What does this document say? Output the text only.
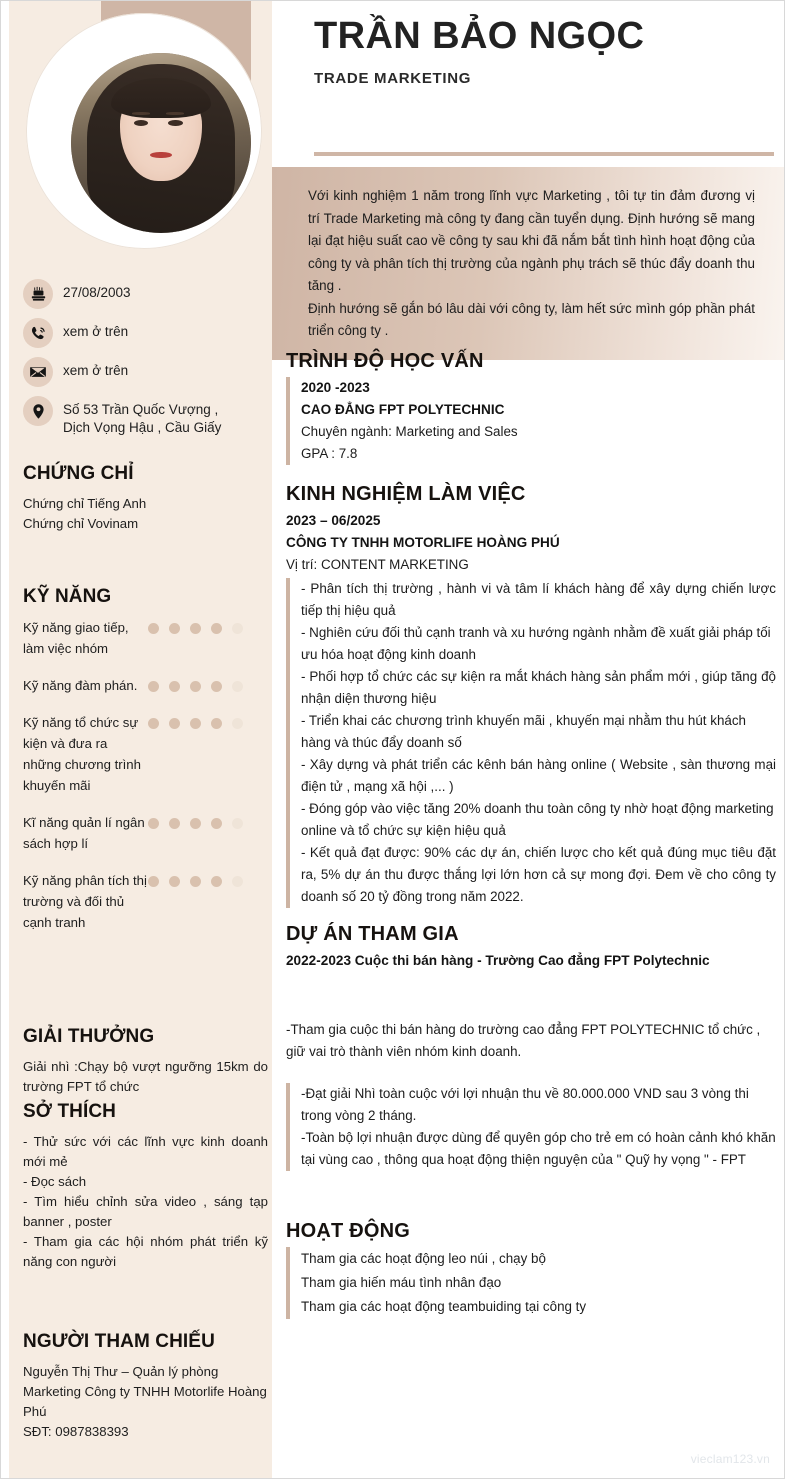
27/08/2003
xem ở trên
xem ở trên
Số 53 Trần Quốc Vượng , Dịch Vọng Hậu , Cầu Giấy
CHỨNG CHỈ
Chứng chỉ Tiếng Anh
Chứng chỉ Vovinam
KỸ NĂNG
Kỹ năng giao tiếp, làm việc nhóm
Kỹ năng đàm phán.
Kỹ năng tổ chức sự kiện và đưa ra những chương trình khuyến mãi
Kĩ năng quản lí ngân sách hợp lí
Kỹ năng phân tích thị trường và đối thủ cạnh tranh
GIẢI THƯỞNG
Giải nhì :Chạy bộ vượt ngưỡng 15km do trường FPT tổ chức
SỞ THÍCH
- Thử sức với các lĩnh vực kinh doanh mới mẻ
- Đọc sách
- Tìm hiểu chỉnh sửa video , sáng tạp banner , poster
- Tham gia các hội nhóm phát triển kỹ năng con người
NGƯỜI THAM CHIẾU
Nguyễn Thị Thư – Quản lý phòng Marketing Công ty TNHH Motorlife Hoàng Phú
SĐT: 0987838393
TRẦN BẢO NGỌC
TRADE MARKETING

Với kinh nghiệm 1 năm trong lĩnh vực Marketing , tôi tự tin đảm đương vị trí Trade Marketing mà công ty đang cần tuyển dụng. Định hướng sẽ mang lại đạt hiệu suất cao về công ty sau khi đã nắm bắt tình hình hoạt động của công ty và phân tích thị trường của ngành phụ trách sẽ thúc đẩy doanh thu tăng .

Định hướng sẽ gắn bó lâu dài với công ty, làm hết sức mình góp phần phát triển công ty .

TRÌNH ĐỘ HỌC VẤN
2020 -2023
CAO ĐẲNG FPT POLYTECHNIC
Chuyên ngành: Marketing and Sales
GPA : 7.8
KINH NGHIỆM LÀM VIỆC
2023 – 06/2025
CÔNG TY TNHH MOTORLIFE HOÀNG PHÚ
Vị trí: CONTENT MARKETING
- Phân tích thị trường , hành vi và tâm lí khách hàng để xây dựng chiến lược tiếp thị hiệu quả
- Nghiên cứu đối thủ cạnh tranh và xu hướng ngành nhằm đề xuất giải pháp tối ưu hóa hoạt động kinh doanh
- Phối hợp tổ chức các sự kiện ra mắt khách hàng sản phẩm mới , giúp tăng độ nhận diện thương hiệu
- Triển khai các chương trình khuyến mãi , khuyến mại nhằm thu hút khách hàng và thúc đẩy doanh số
- Xây dựng và phát triển các kênh bán hàng online ( Website , sàn thương mại điện tử , mạng xã hội ,... )
- Đóng góp vào việc tăng 20% doanh thu toàn công ty nhờ hoạt động marketing online và tổ chức sự kiện hiệu quả
- Kết quả đạt được: 90% các dự án, chiến lược cho kết quả đúng mục tiêu đặt ra, 5% dự án thu được thắng lợi lớn hơn cả sự mong đợi. Đem về cho công ty doanh số 20 tỷ đồng trong năm 2022.
DỰ ÁN THAM GIA
2022-2023 Cuộc thi bán hàng - Trường Cao đẳng FPT Polytechnic
-Tham gia cuộc thi bán hàng do trường cao đẳng FPT POLYTECHNIC tổ chức , giữ vai trò thành viên nhóm kinh doanh.
-Đạt giải Nhì toàn cuộc với lợi nhuận thu về 80.000.000 VND sau 3 vòng thi trong vòng 2 tháng.
-Toàn bộ lợi nhuận được dùng để quyên góp cho trẻ em có hoàn cảnh khó khăn tại vùng cao , thông qua hoạt động thiện nguyện của " Quỹ hy vọng " - FPT
HOẠT ĐỘNG
Tham gia các hoạt động leo núi , chạy bộ
Tham gia hiến máu tình nhân đạo
Tham gia các hoạt động teambuiding tại công ty
vieclam123.vn
